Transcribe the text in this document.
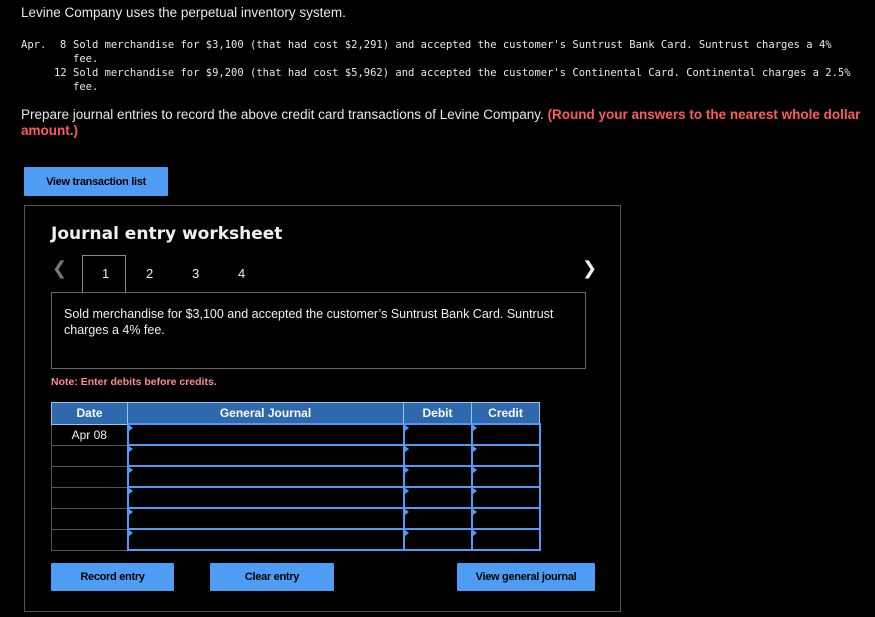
Levine Company uses the perpetual inventory system.
Apr. 8 Sold merchandise for $3,100 (that had cost $2,291) and accepted the customer's Suntrust Bank Card. Suntrust charges a 4%
fee.
12 Sold merchandise for $9,200 (that had cost $5,962) and accepted the customer's Continental Card. Continental charges a 2.5%
fee.
Prepare journal entries to record the above credit card transactions of Levine Company. (Round your answers to the nearest whole dollar amount.)
View transaction list
Journal entry worksheet
❮	1	2	3	4	❯
Sold merchandise for $3,100 and accepted the customer’s Suntrust Bank Card. Suntrust charges a 4% fee.
Note: Enter debits before credits.
Date	General Journal	Debit	Credit
Apr 08			

Record entry	Clear entry	View general journal
